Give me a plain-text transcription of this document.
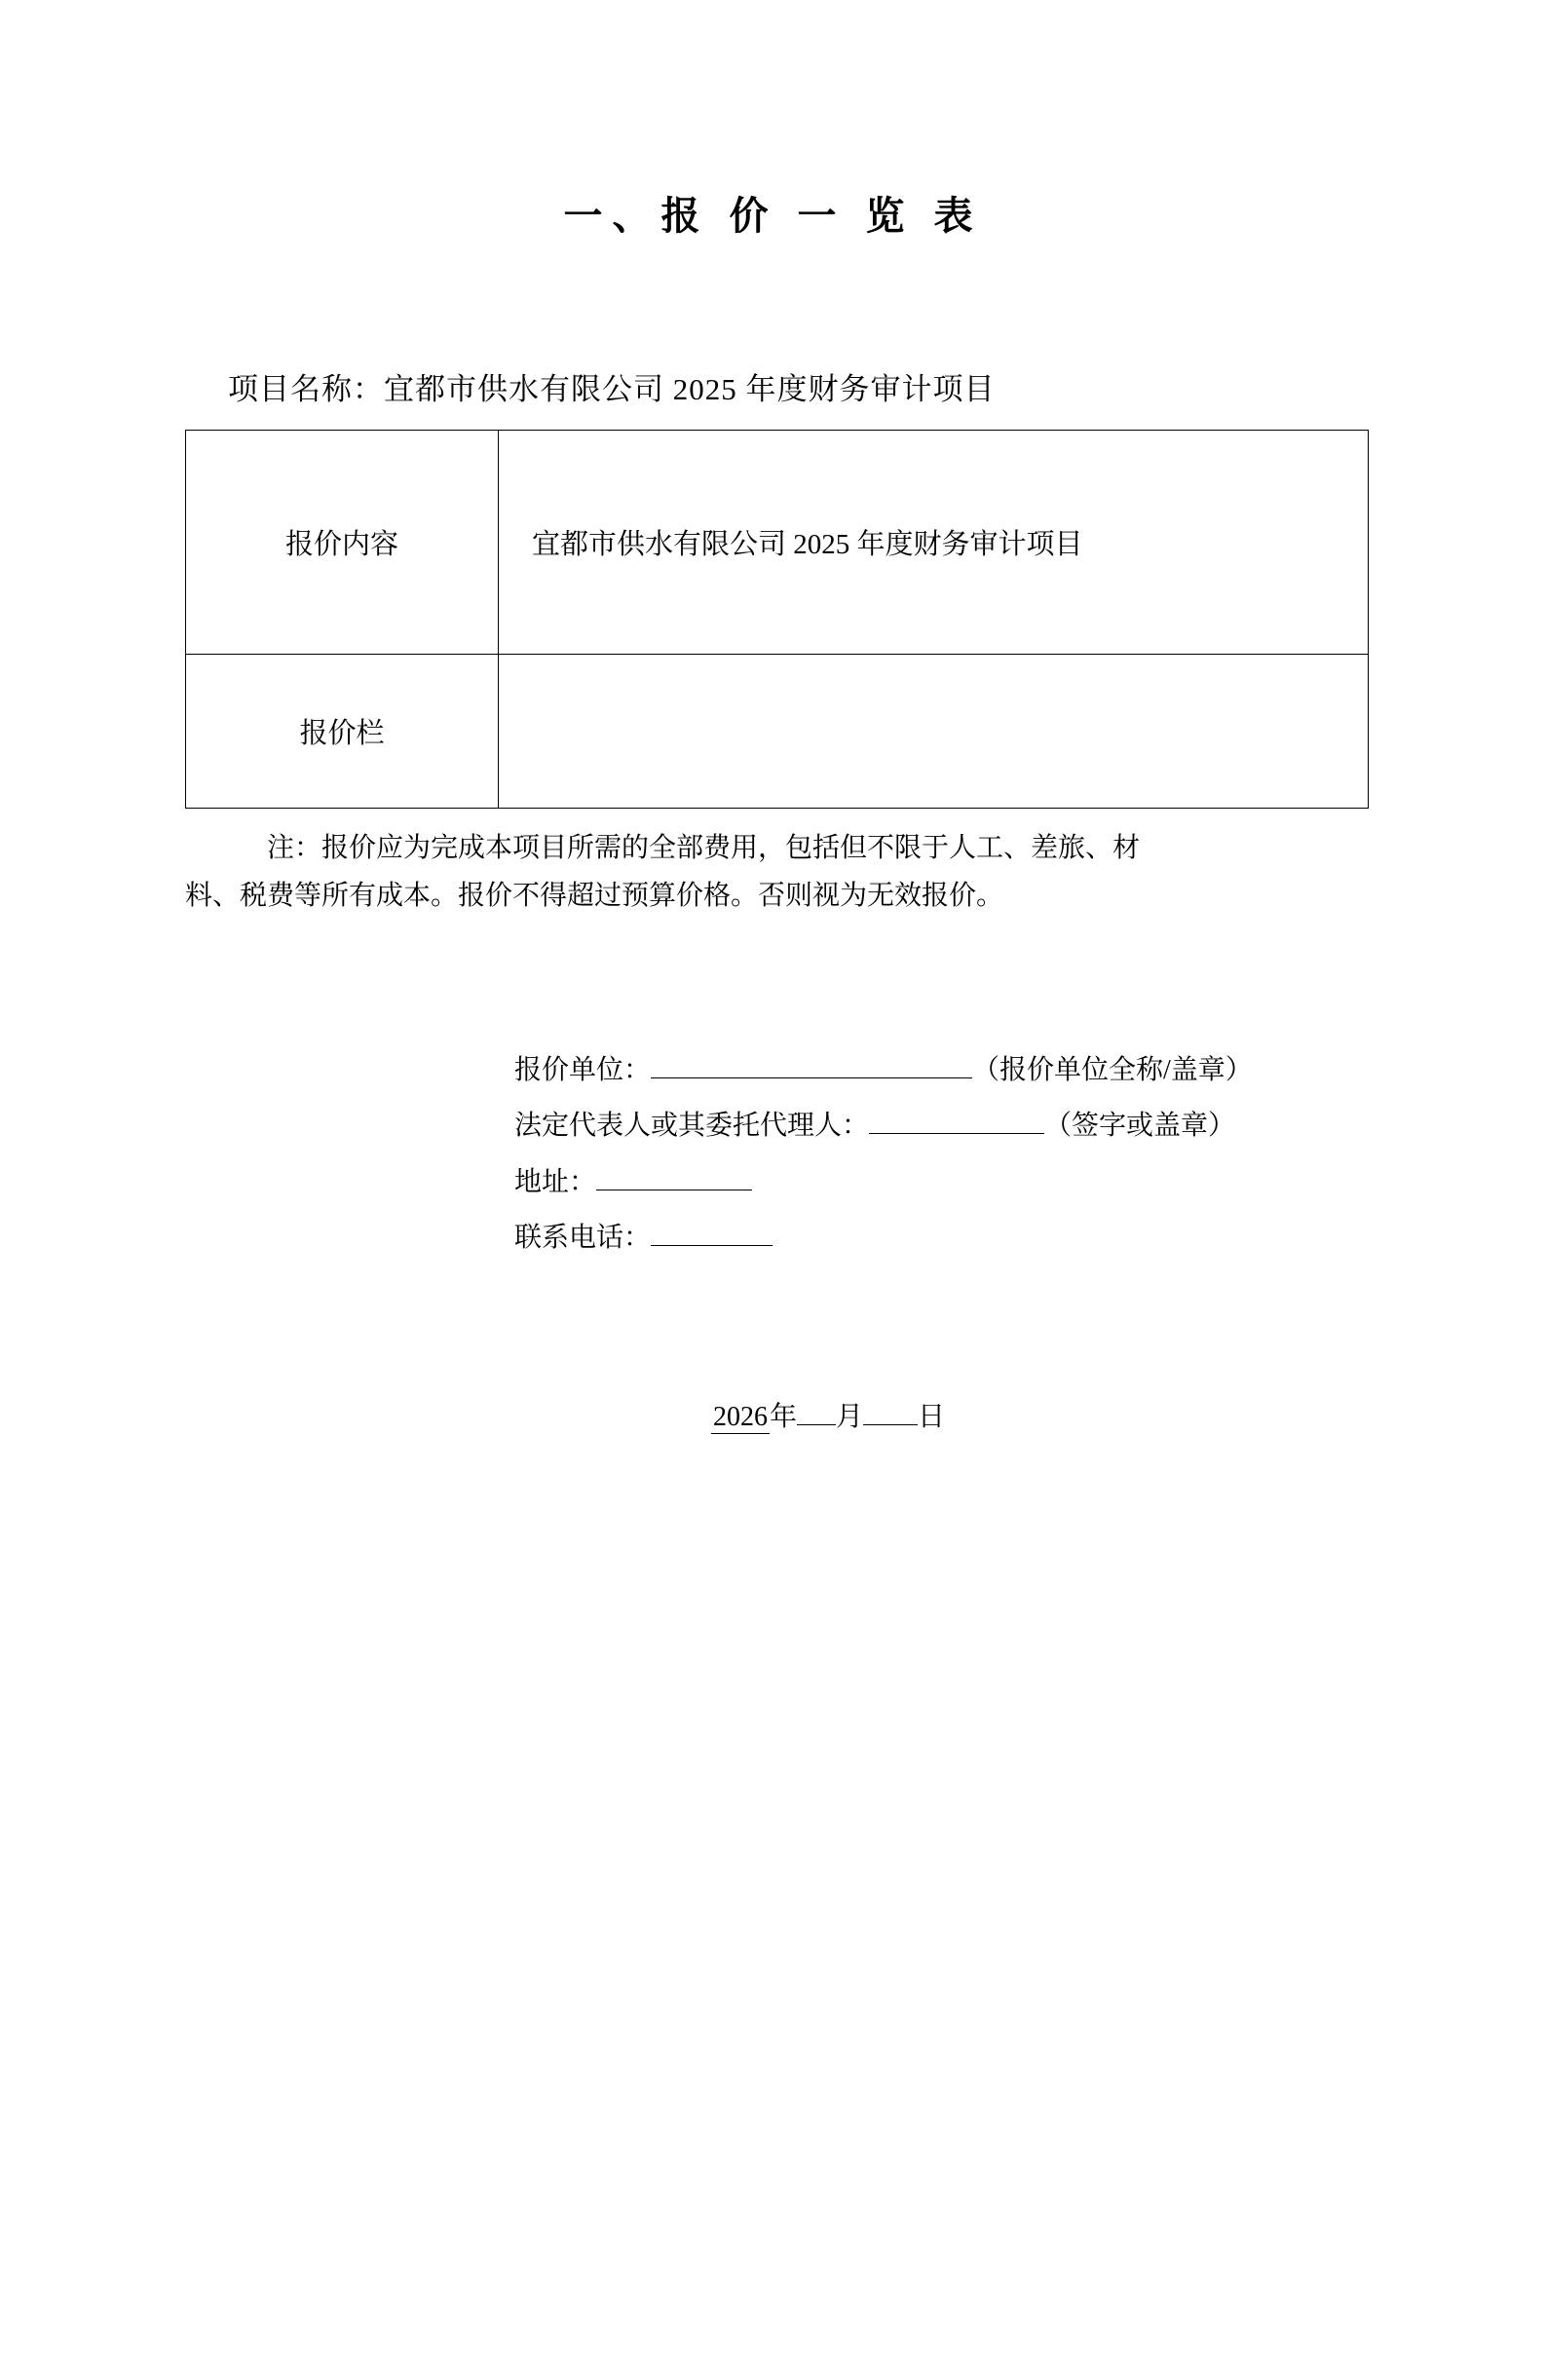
一、报 价 一 览 表
项目名称：宜都市供水有限公司 2025 年度财务审计项目
报价内容	宜都市供水有限公司 2025 年度财务审计项目
报价栏	
注：报价应为完成本项目所需的全部费用，包括但不限于人工、差旅、材
料、税费等所有成本。报价不得超过预算价格。否则视为无效报价。
报价单位：	（报价单位全称/盖章）
法定代表人或其委托代理人：	（签字或盖章）
地址：
联系电话：
2026年 月 日
